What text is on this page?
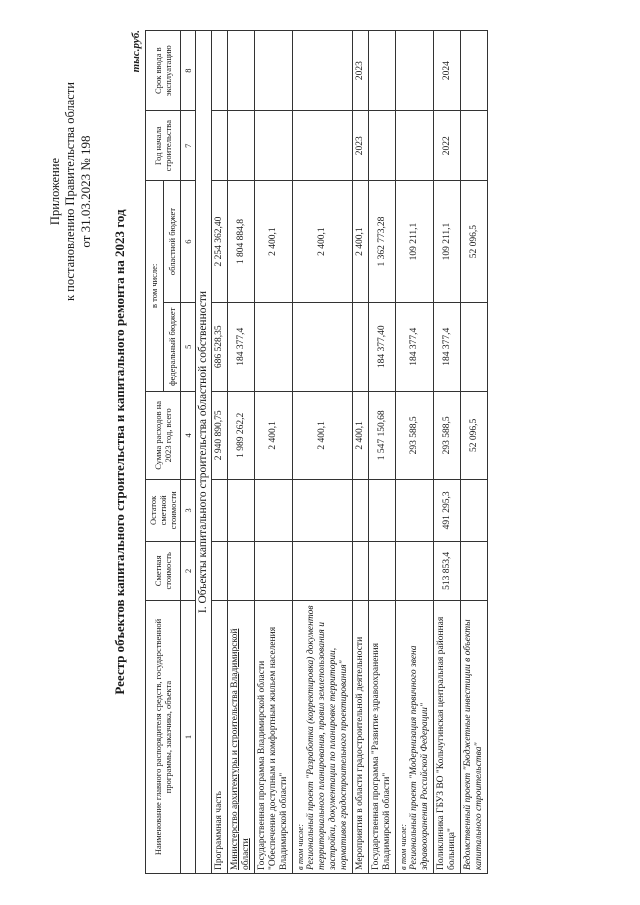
Приложение к постановлению Правительства области от 31.03.2023 № 198
Реестр объектов капитального строительства и капитального ремонта на 2023 год
тыс.руб.
Наименование главного распорядителя средств, государственной программы, заказчика, объекта	Сметная стоимость	Остаток сметной стоимости	Сумма расходов на 2023 год, всего	в том числе:		Год начала строительства	Срок ввода в эксплуатацию
				федеральный бюджет	областной бюджет		
1	2	3	4	5	6	7	8
I. Объекты капитального строительства областной собственности							
Программная часть			2 940 890,75	686 528,35	2 254 362,40		
Министерство архитектуры и строительства Владимирской области			1 989 262,2	184 377,4	1 804 884,8		
Государственная программа Владимирской области "Обеспечение доступным и комфортным жильем населения Владимирской области"			2 400,1		2 400,1		

в том числе: Региональный проект "Разработка (корректировка) документов территориального планирования, правил землепользования и застройки, документации по планировке территории, нормативов градостроительного проектирования"			2 400,1		2 400,1		
Мероприятия в области градостроительной деятельности			2 400,1		2 400,1	2023	2023
Государственная программа "Развитие здравоохранения Владимирской области"			1 547 150,68	184 377,40	1 362 773,28		

в том числе: Региональный проект "Модернизация первичного звена здравоохранения Российской Федерации"			293 588,5	184 377,4	109 211,1		
Поликлиника ГБУЗ ВО "Кольчугинская центральная районная больница"	513 853,4	491 295,3	293 588,5	184 377,4	109 211,1	2022	2024
Ведомственный проект "Бюджетные инвестиции в объекты капитального строительства"			52 096,5		52 096,5		
